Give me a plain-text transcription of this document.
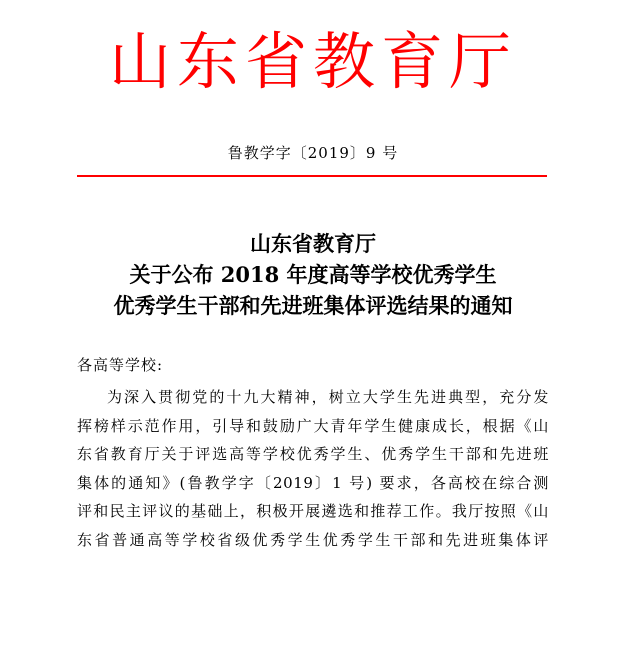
山东省教育厅
鲁教学字〔2019〕9 号
山东省教育厅
关于公布 2018 年度高等学校优秀学生
优秀学生干部和先进班集体评选结果的通知
各高等学校:
为深入贯彻党的十九大精神，树立大学生先进典型，充分发
挥榜样示范作用，引导和鼓励广大青年学生健康成长，根据《山
东省教育厅关于评选高等学校优秀学生、优秀学生干部和先进班
集体的通知》(鲁教学字〔2019〕1 号) 要求，各高校在综合测
评和民主评议的基础上，积极开展遴选和推荐工作。我厅按照《山
东省普通高等学校省级优秀学生优秀学生干部和先进班集体评
